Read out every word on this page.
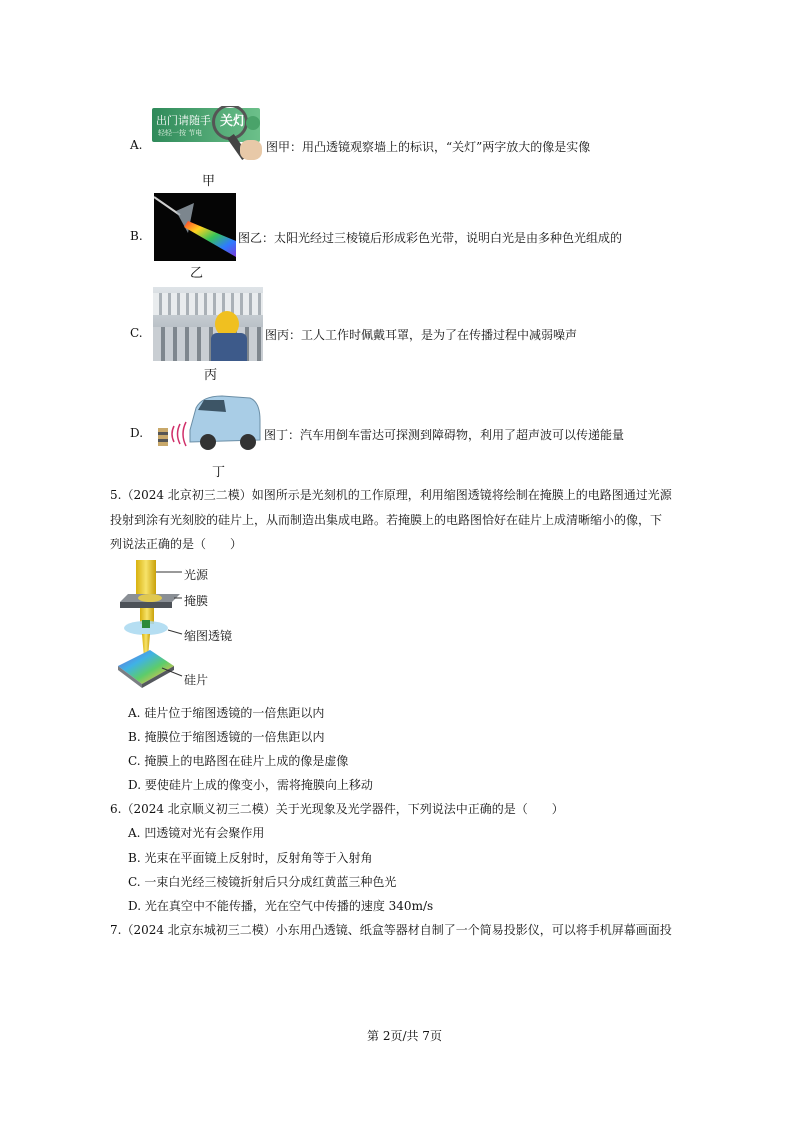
A.
出门请随手 关灯
轻轻一按 节电
图甲：用凸透镜观察墙上的标识，“关灯”两字放大的像是实像
甲
B.	图乙：太阳光经过三棱镜后形成彩色光带，说明白光是由多种色光组成的
乙
C.	图丙：工人工作时佩戴耳罩，是为了在传播过程中减弱噪声
丙
D.	图丁：汽车用倒车雷达可探测到障碍物，利用了超声波可以传递能量
丁
5.（2024 北京初三二模）如图所示是光刻机的工作原理，利用缩图透镜将绘制在掩膜上的电路图通过光源
投射到涂有光刻胶的硅片上，从而制造出集成电路。若掩膜上的电路图恰好在硅片上成清晰缩小的像，下
列说法正确的是（　　）
光源
掩膜
缩图透镜
硅片
A. 硅片位于缩图透镜的一倍焦距以内
B. 掩膜位于缩图透镜的一倍焦距以内
C. 掩膜上的电路图在硅片上成的像是虚像
D. 要使硅片上成的像变小，需将掩膜向上移动
6.（2024 北京顺义初三二模）关于光现象及光学器件，下列说法中正确的是（　　）
A. 凹透镜对光有会聚作用
B. 光束在平面镜上反射时，反射角等于入射角
C. 一束白光经三棱镜折射后只分成红黄蓝三种色光
D. 光在真空中不能传播，光在空气中传播的速度 340m/s
7.（2024 北京东城初三二模）小东用凸透镜、纸盒等器材自制了一个简易投影仪，可以将手机屏幕画面投
第 2页/共 7页
